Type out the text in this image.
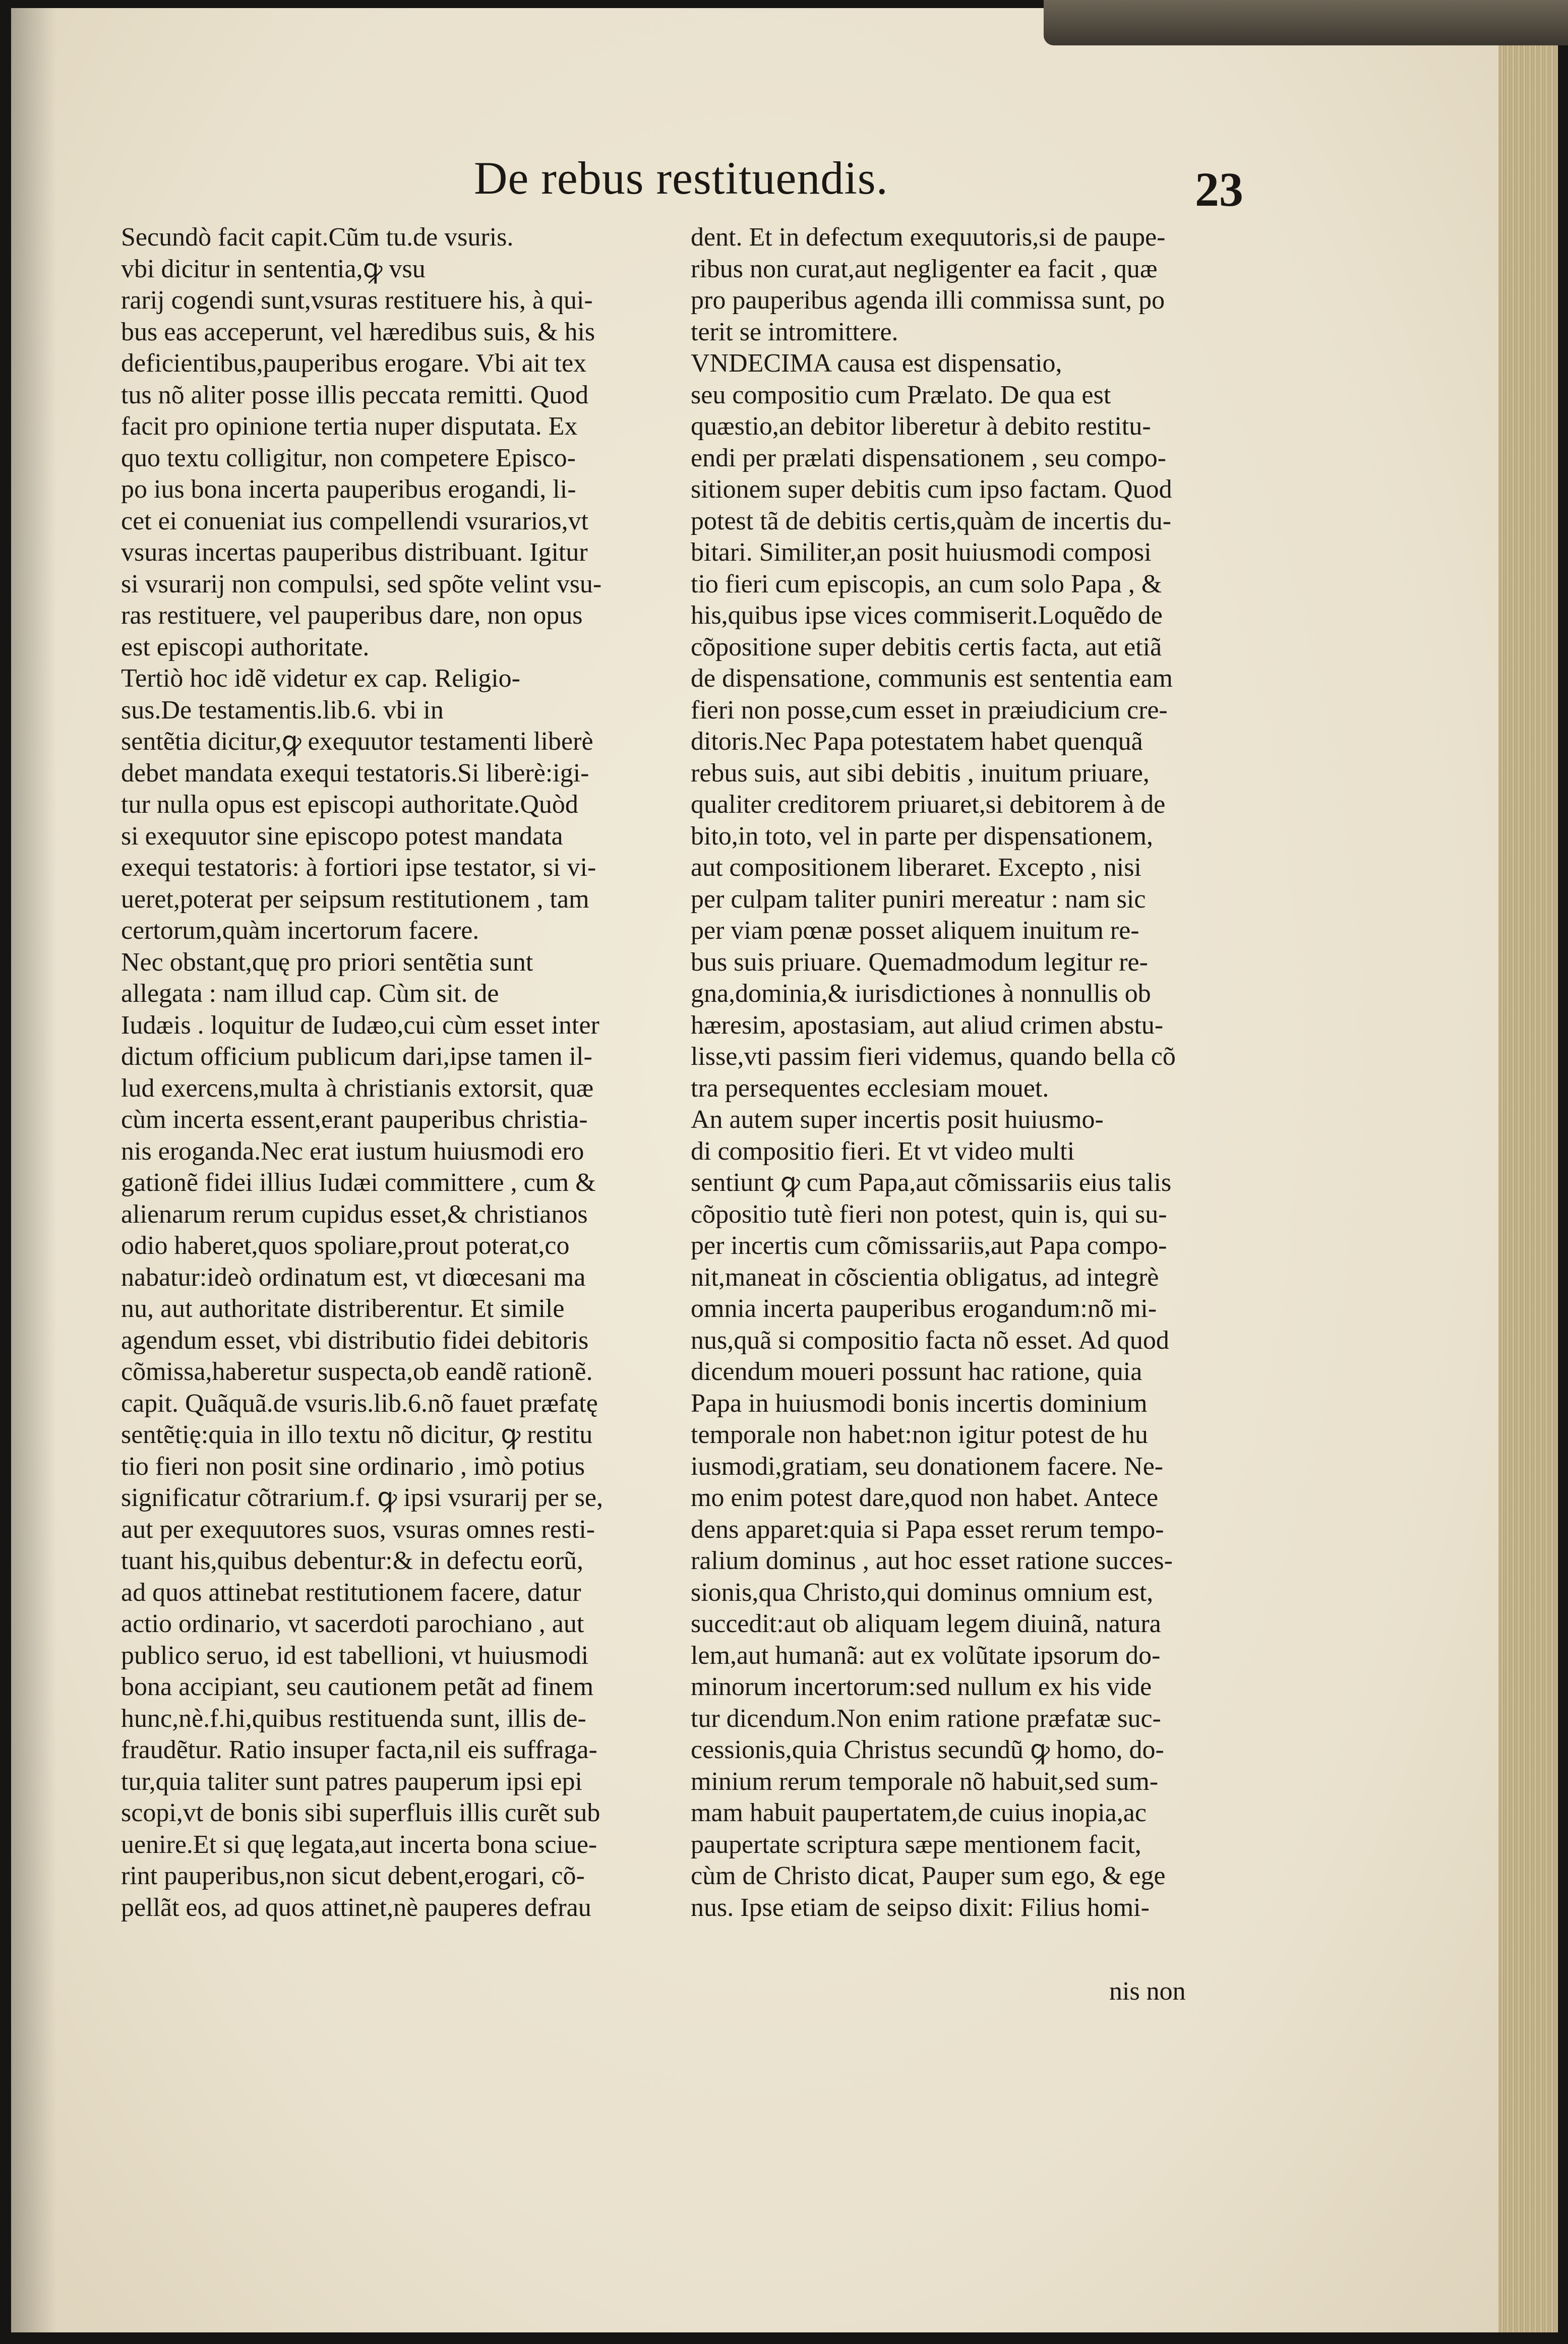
De rebus restituendis.	23
Secundò facit capit.Cũm tu.de vsuris.
vbi dicitur in sententia,ꝙ vsu
rarij cogendi sunt,vsuras restituere his, à qui-
bus eas acceperunt, vel hæredibus suis, & his
deficientibus,pauperibus erogare. Vbi ait tex
tus nõ aliter posse illis peccata remitti. Quod
facit pro opinione tertia nuper disputata. Ex
quo textu colligitur, non competere Episco-
po ius bona incerta pauperibus erogandi, li-
cet ei conueniat ius compellendi vsurarios,vt
vsuras incertas pauperibus distribuant. Igitur
si vsurarij non compulsi, sed spõte velint vsu-
ras restituere, vel pauperibus dare, non opus
est episcopi authoritate.
Tertiò hoc idẽ videtur ex cap. Religio-
sus.De testamentis.lib.6. vbi in
sentẽtia dicitur,ꝙ exequutor testamenti liberè
debet mandata exequi testatoris.Si liberè:igi-
tur nulla opus est episcopi authoritate.Quòd
si exequutor sine episcopo potest mandata
exequi testatoris: à fortiori ipse testator, si vi-
ueret,poterat per seipsum restitutionem , tam
certorum,quàm incertorum facere.
Nec obstant,quę pro priori sentẽtia sunt
allegata : nam illud cap. Cùm sit. de
Iudæis . loquitur de Iudæo,cui cùm esset inter
dictum officium publicum dari,ipse tamen il-
lud exercens,multa à christianis extorsit, quæ
cùm incerta essent,erant pauperibus christia-
nis eroganda.Nec erat iustum huiusmodi ero
gationẽ fidei illius Iudæi committere , cum &
alienarum rerum cupidus esset,& christianos
odio haberet,quos spoliare,prout poterat,co
nabatur:ideò ordinatum est, vt diœcesani ma
nu, aut authoritate distriberentur. Et simile
agendum esset, vbi distributio fidei debitoris
cõmissa,haberetur suspecta,ob eandẽ rationẽ.
capit. Quãquã.de vsuris.lib.6.nõ fauet præfatę
sentẽtię:quia in illo textu nõ dicitur, ꝙ restitu
tio fieri non posit sine ordinario , imò potius
significatur cõtrarium.f. ꝙ ipsi vsurarij per se,
aut per exequutores suos, vsuras omnes resti-
tuant his,quibus debentur:& in defectu eorũ,
ad quos attinebat restitutionem facere, datur
actio ordinario, vt sacerdoti parochiano , aut
publico seruo, id est tabellioni, vt huiusmodi
bona accipiant, seu cautionem petãt ad finem
hunc,nè.f.hi,quibus restituenda sunt, illis de-
fraudẽtur. Ratio insuper facta,nil eis suffraga-
tur,quia taliter sunt patres pauperum ipsi epi
scopi,vt de bonis sibi superfluis illis curẽt sub
uenire.Et si quę legata,aut incerta bona sciue-
rint pauperibus,non sicut debent,erogari, cõ-
pellãt eos, ad quos attinet,nè pauperes defrau
dent. Et in defectum exequutoris,si de paupe-
ribus non curat,aut negligenter ea facit , quæ
pro pauperibus agenda illi commissa sunt, po
terit se intromittere.
VNDECIMA causa est dispensatio,
seu compositio cum Prælato. De qua est
quæstio,an debitor liberetur à debito restitu-
endi per prælati dispensationem , seu compo-
sitionem super debitis cum ipso factam. Quod
potest tã de debitis certis,quàm de incertis du-
bitari. Similiter,an posit huiusmodi composi
tio fieri cum episcopis, an cum solo Papa , &
his,quibus ipse vices commiserit.Loquẽdo de
cõpositione super debitis certis facta, aut etiã
de dispensatione, communis est sententia eam
fieri non posse,cum esset in præiudicium cre-
ditoris.Nec Papa potestatem habet quenquã
rebus suis, aut sibi debitis , inuitum priuare,
qualiter creditorem priuaret,si debitorem à de
bito,in toto, vel in parte per dispensationem,
aut compositionem liberaret. Excepto , nisi
per culpam taliter puniri mereatur : nam sic
per viam pœnæ posset aliquem inuitum re-
bus suis priuare. Quemadmodum legitur re-
gna,dominia,& iurisdictiones à nonnullis ob
hæresim, apostasiam, aut aliud crimen abstu-
lisse,vti passim fieri videmus, quando bella cõ
tra persequentes ecclesiam mouet.
An autem super incertis posit huiusmo-
di compositio fieri. Et vt video multi
sentiunt ꝙ cum Papa,aut cõmissariis eius talis
cõpositio tutè fieri non potest, quin is, qui su-
per incertis cum cõmissariis,aut Papa compo-
nit,maneat in cõscientia obligatus, ad integrè
omnia incerta pauperibus erogandum:nõ mi-
nus,quã si compositio facta nõ esset. Ad quod
dicendum moueri possunt hac ratione, quia
Papa in huiusmodi bonis incertis dominium
temporale non habet:non igitur potest de hu
iusmodi,gratiam, seu donationem facere. Ne-
mo enim potest dare,quod non habet. Antece
dens apparet:quia si Papa esset rerum tempo-
ralium dominus , aut hoc esset ratione succes-
sionis,qua Christo,qui dominus omnium est,
succedit:aut ob aliquam legem diuinã, natura
lem,aut humanã: aut ex volũtate ipsorum do-
minorum incertorum:sed nullum ex his vide
tur dicendum.Non enim ratione præfatæ suc-
cessionis,quia Christus secundũ ꝙ homo, do-
minium rerum temporale nõ habuit,sed sum-
mam habuit paupertatem,de cuius inopia,ac
paupertate scriptura sæpe mentionem facit,
cùm de Christo dicat, Pauper sum ego, & ege
nus. Ipse etiam de seipso dixit: Filius homi-
nis non
